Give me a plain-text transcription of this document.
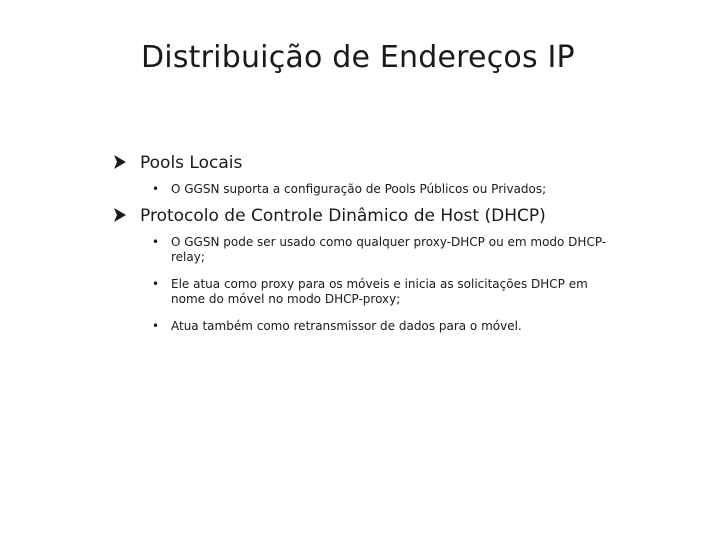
Distribuição de Endereços IP
Pools Locais
• O GGSN suporta a configuração de Pools Públicos ou Privados;
Protocolo de Controle Dinâmico de Host (DHCP)
• O GGSN pode ser usado como qualquer proxy-DHCP ou em modo DHCP-relay;
• Ele atua como proxy para os móveis e inicia as solicitações DHCP em nome do móvel no modo DHCP-proxy;
• Atua também como retransmissor de dados para o móvel.
